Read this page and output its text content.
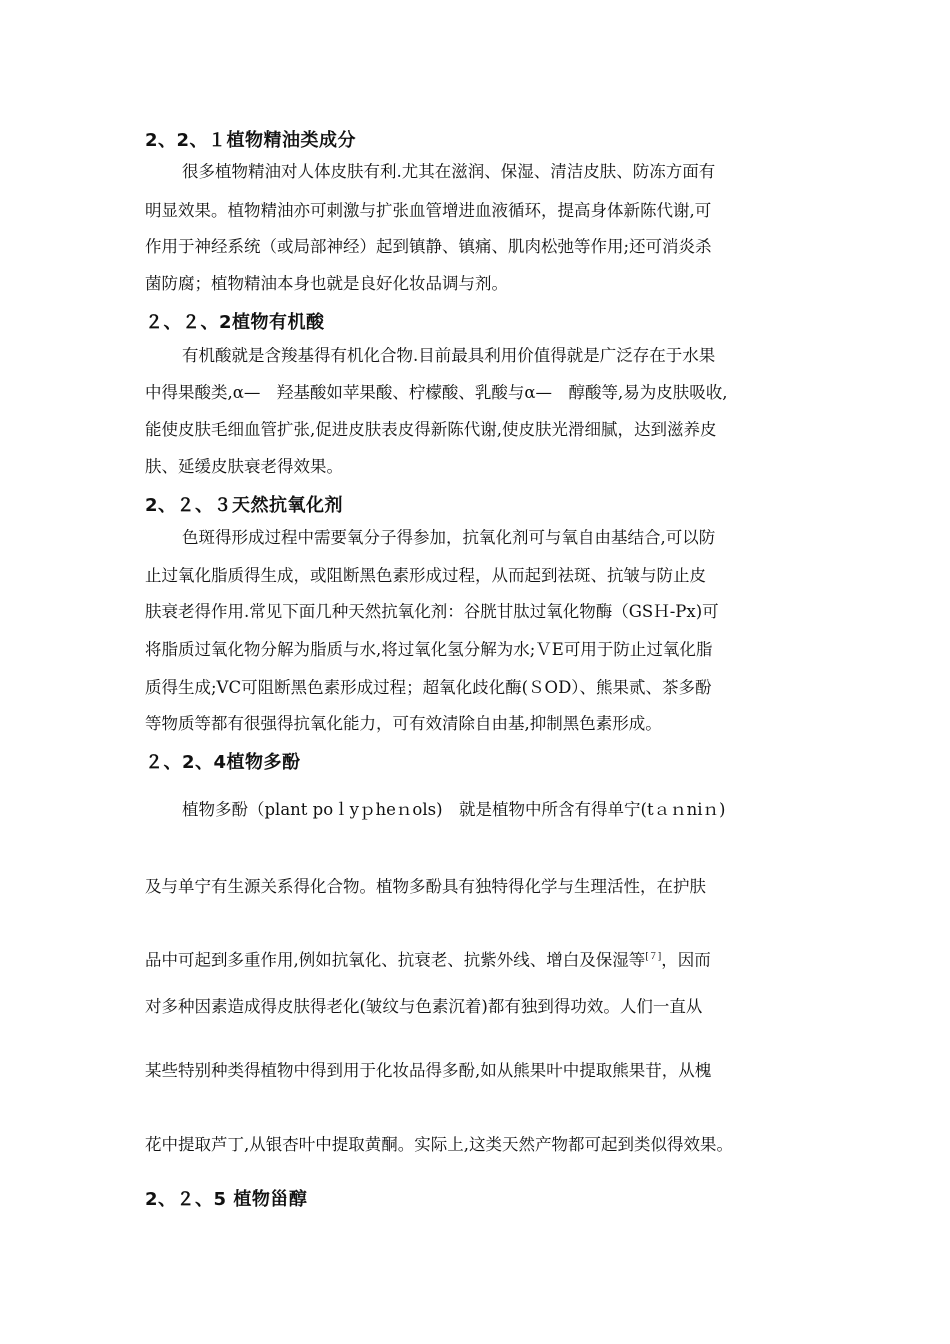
2、2、１植物精油类成分
很多植物精油对人体皮肤有利.尤其在滋润、保湿、清洁皮肤、防冻方面有
明显效果。植物精油亦可刺激与扩张血管增进血液循环，提高身体新陈代谢,可
作用于神经系统（或局部神经）起到镇静、镇痛、肌肉松弛等作用;还可消炎杀
菌防腐；植物精油本身也就是良好化妆品调与剂。
２、２、2植物有机酸
有机酸就是含羧基得有机化合物.目前最具利用价值得就是广泛存在于水果
中得果酸类,α—　羟基酸如苹果酸、柠檬酸、乳酸与α—　醇酸等,易为皮肤吸收,
能使皮肤毛细血管扩张,促进皮肤表皮得新陈代谢,使皮肤光滑细腻，达到滋养皮
肤、延缓皮肤衰老得效果。
2、２、３天然抗氧化剂
色斑得形成过程中需要氧分子得参加，抗氧化剂可与氧自由基结合,可以防
止过氧化脂质得生成，或阻断黑色素形成过程，从而起到祛斑、抗皱与防止皮
肤衰老得作用.常见下面几种天然抗氧化剂：谷胱甘肽过氧化物酶（GSＨ-Px)可
将脂质过氧化物分解为脂质与水,将过氧化氢分解为水;ＶE可用于防止过氧化脂
质得生成;VC可阻断黑色素形成过程；超氧化歧化酶(ＳOD）、熊果贰、茶多酚
等物质等都有很强得抗氧化能力，可有效清除自由基,抑制黑色素形成。
２、2、4植物多酚
植物多酚（plant poｌyｐheｎols)　就是植物中所含有得单宁(tａｎniｎ)
及与单宁有生源关系得化合物。植物多酚具有独特得化学与生理活性，在护肤
品中可起到多重作用,例如抗氧化、抗衰老、抗紫外线、增白及保湿等[７]，因而
对多种因素造成得皮肤得老化(皱纹与色素沉着)都有独到得功效。人们一直从
某些特别种类得植物中得到用于化妆品得多酚,如从熊果叶中提取熊果苷，从槐
花中提取芦丁,从银杏叶中提取黄酮。实际上,这类天然产物都可起到类似得效果。
2、２、5 植物甾醇
